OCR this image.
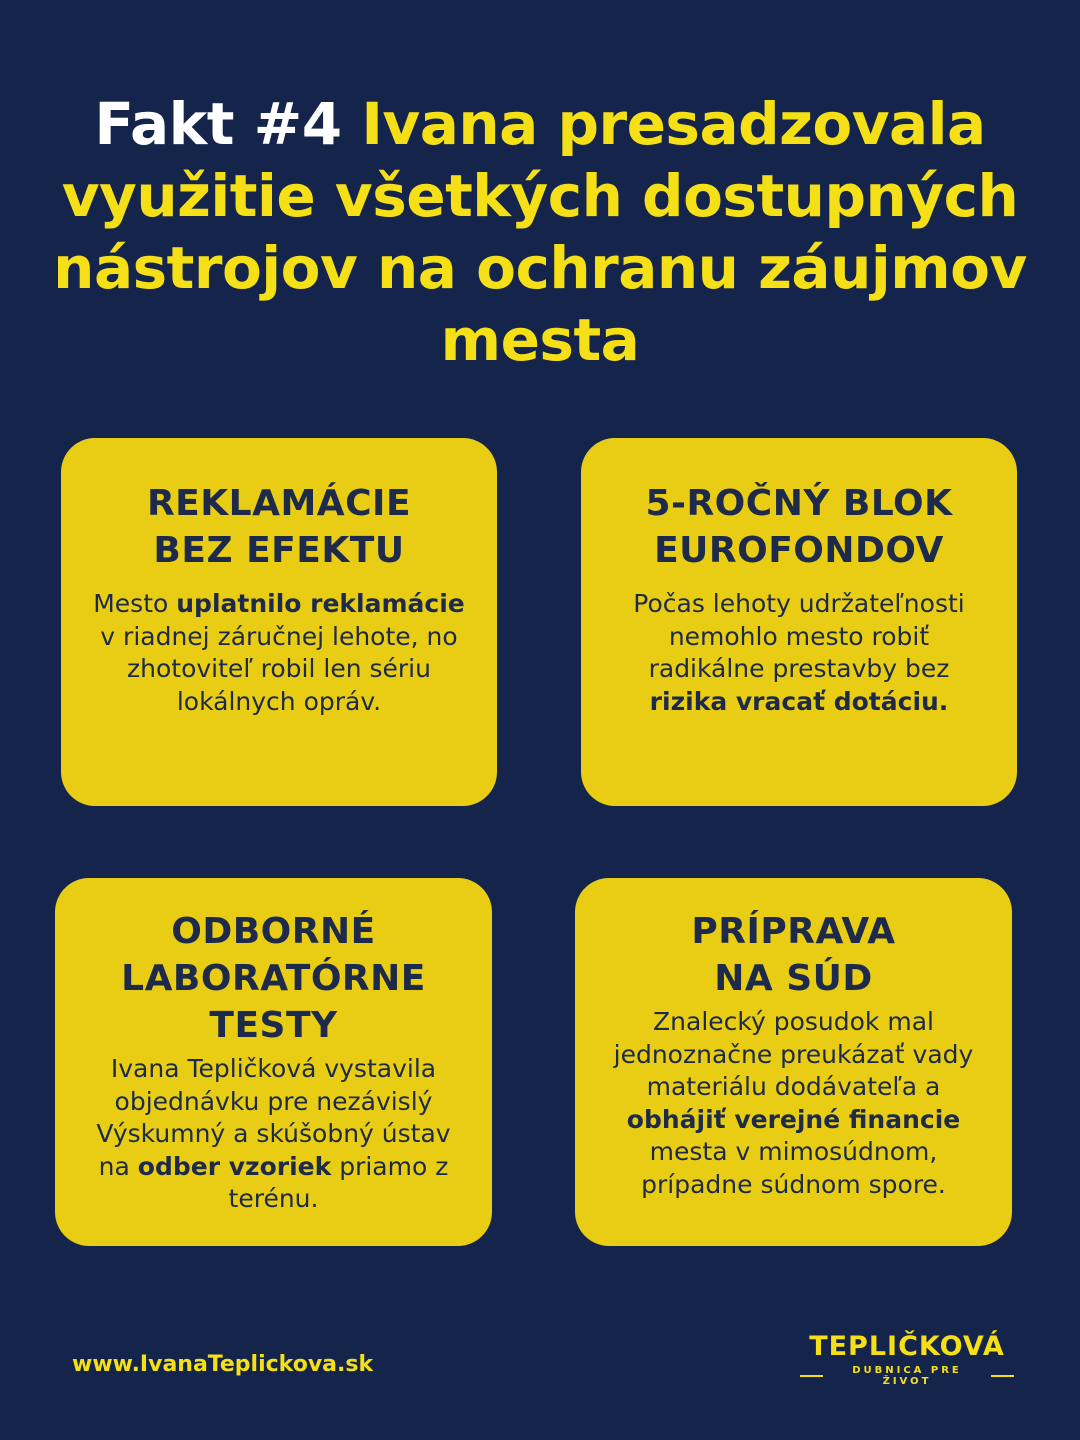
Fakt #4 Ivana presadzovala využitie všetkých dostupných nástrojov na ochranu záujmov mesta
REKLAMÁCIE
BEZ EFEKTU

Mesto uplatnilo reklamácie v riadnej záručnej lehote, no zhotoviteľ robil len sériu lokálnych opráv.

5-ROČNÝ BLOK
EUROFONDOV

Počas lehoty udržateľnosti nemohlo mesto robiť radikálne prestavby bez rizika vracať dotáciu.

ODBORNÉ
LABORATÓRNE
TESTY

Ivana Tepličková vystavila objednávku pre nezávislý Výskumný a skúšobný ústav na odber vzoriek priamo z terénu.

PRÍPRAVA
NA SÚD

Znalecký posudok mal jednoznačne preukázať vady materiálu dodávateľa a obhájiť verejné financie mesta v mimosúdnom, prípadne súdnom spore.

www.IvanaTeplickova.sk
TEPLIČKOVÁ
DUBNICA PRE ŽIVOT
